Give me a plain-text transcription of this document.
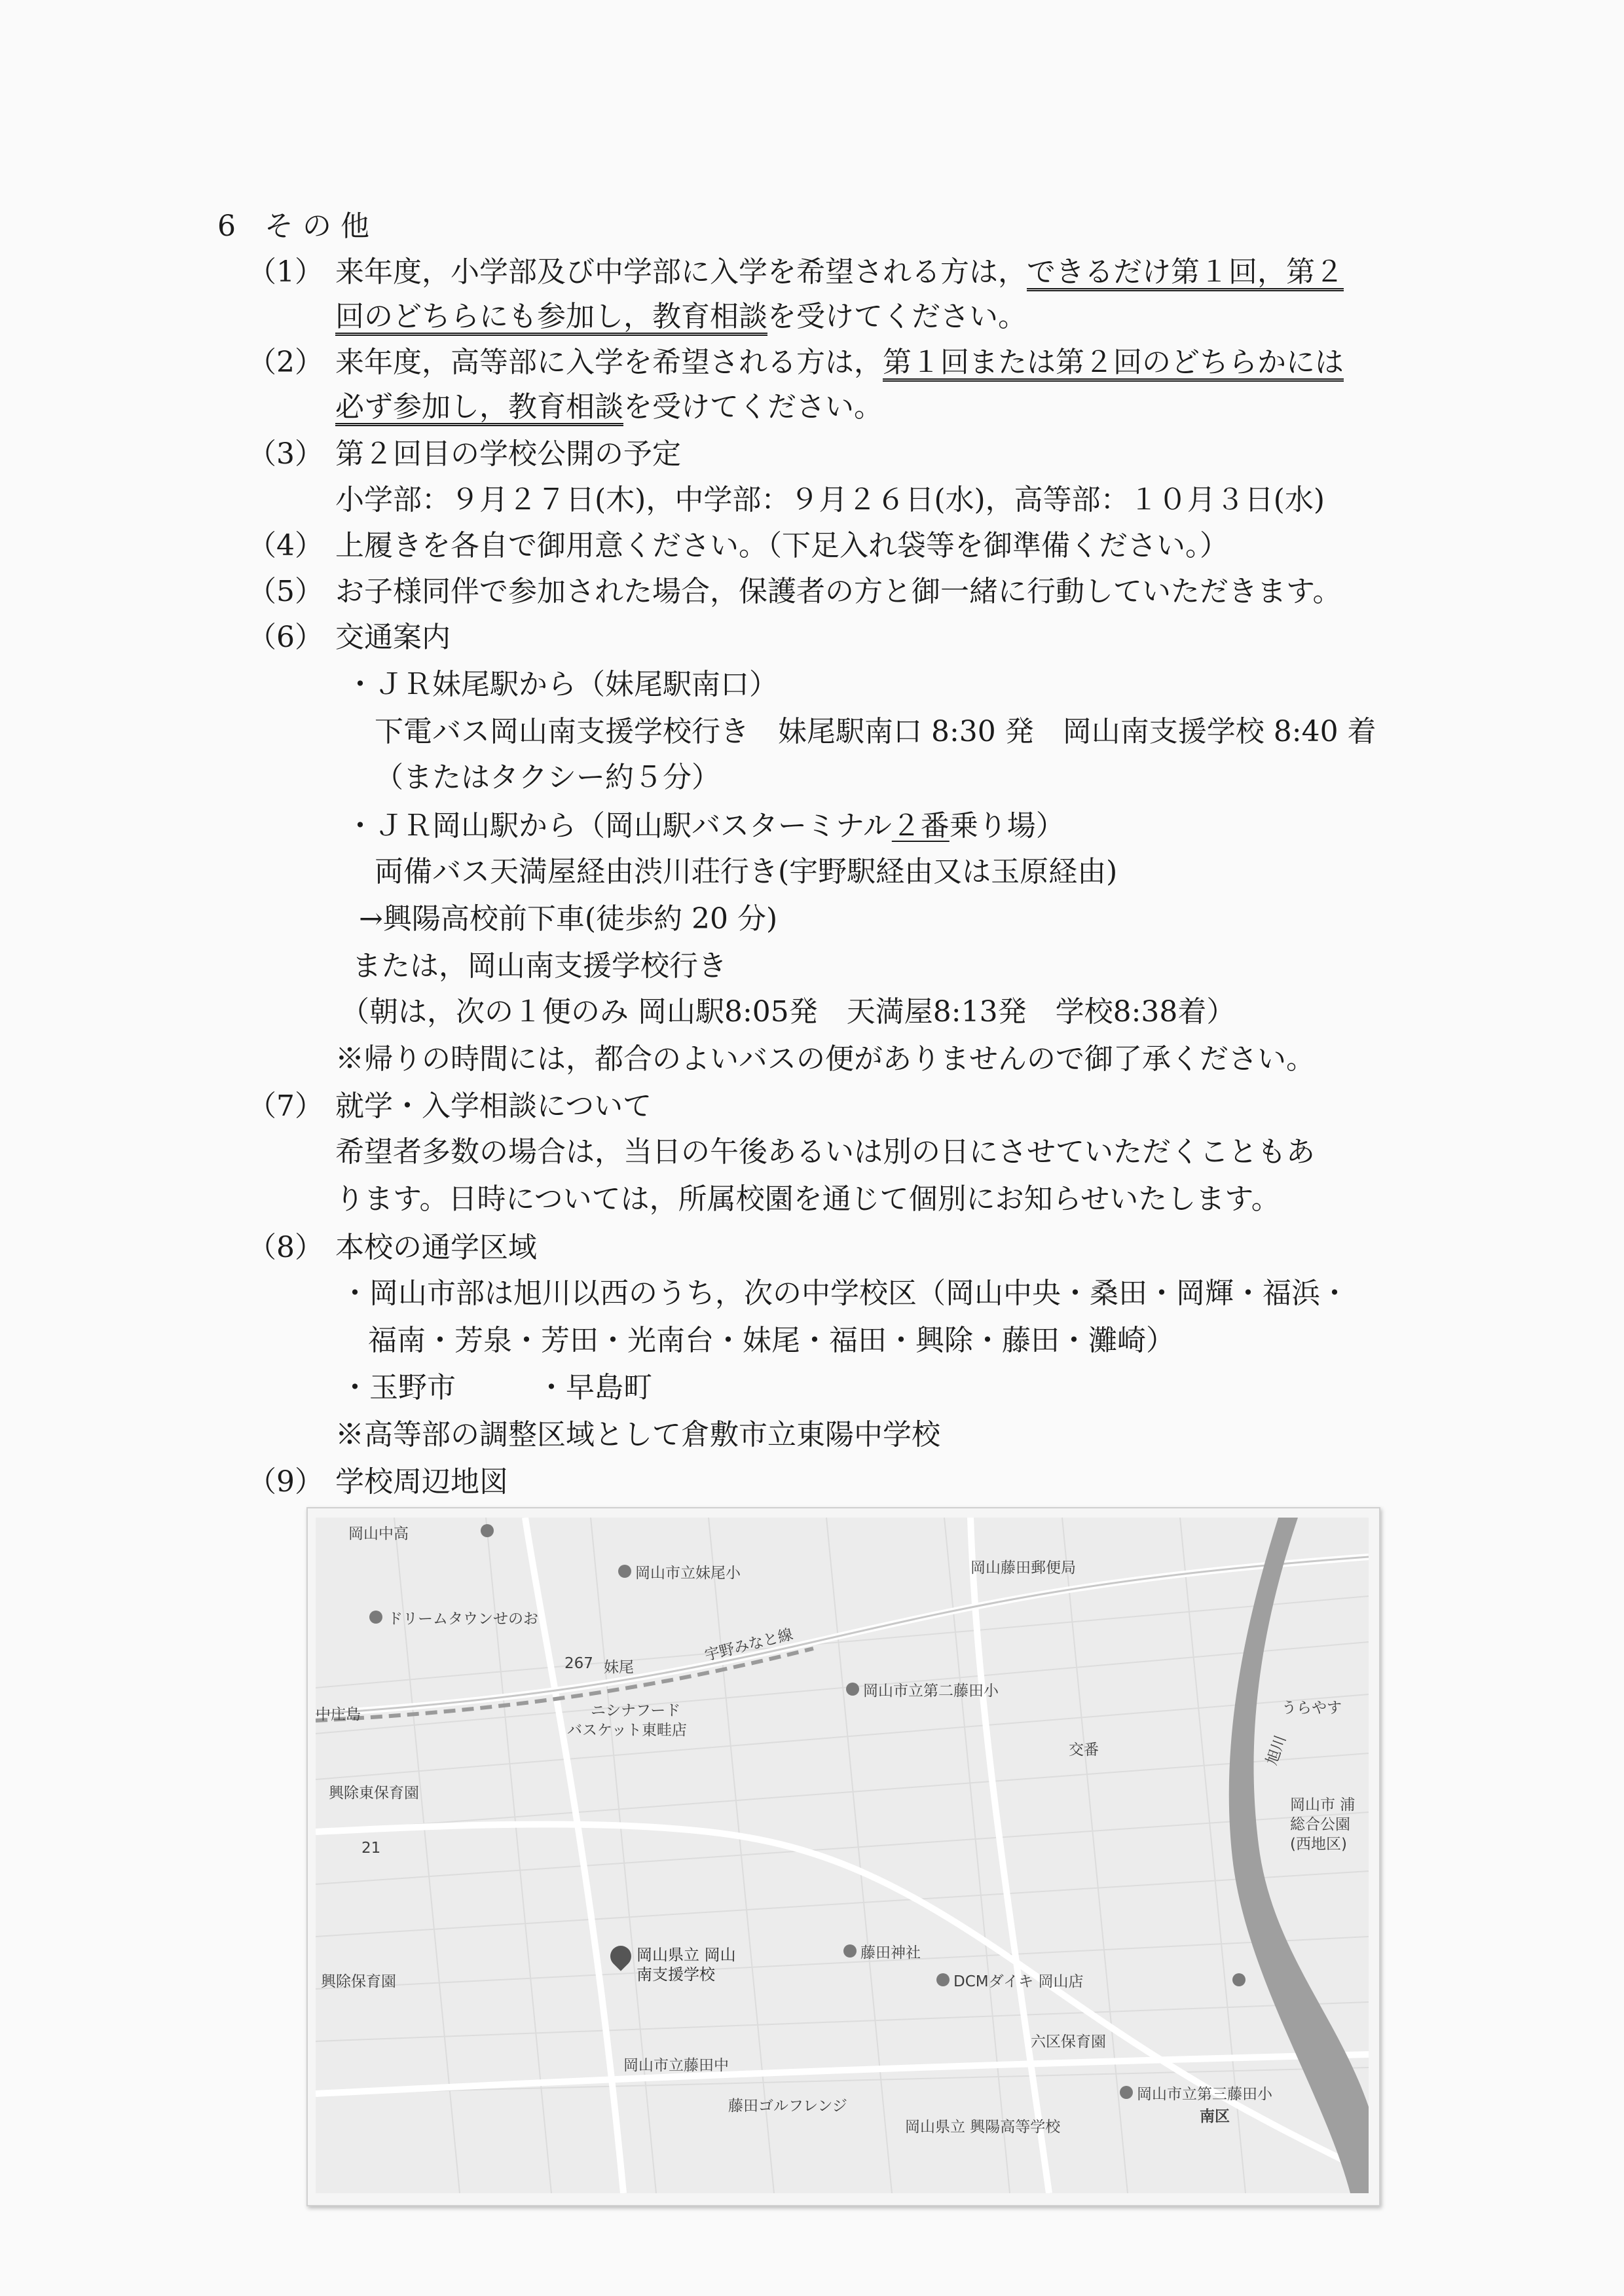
6　そ の 他
（1） 来年度，小学部及び中学部に入学を希望される方は，できるだけ第１回，第２
回のどちらにも参加し，教育相談を受けてください。
（2） 来年度，高等部に入学を希望される方は，第１回または第２回のどちらかには
必ず参加し，教育相談を受けてください。
（3） 第２回目の学校公開の予定
小学部：９月２７日(木)，中学部：９月２６日(水)，高等部：１０月３日(水)
（4） 上履きを各自で御用意ください。（下足入れ袋等を御準備ください。）
（5） お子様同伴で参加された場合，保護者の方と御一緒に行動していただきます。
（6） 交通案内
・ＪＲ妹尾駅から（妹尾駅南口）
下電バス岡山南支援学校行き　妹尾駅南口 8:30 発　岡山南支援学校 8:40 着
（またはタクシー約５分）
・ＪＲ岡山駅から（岡山駅バスターミナル２番乗り場）
両備バス天満屋経由渋川荘行き(宇野駅経由又は玉原経由)
→興陽高校前下車(徒歩約 20 分)
または，岡山南支援学校行き
（朝は，次の１便のみ 岡山駅8:05発　天満屋8:13発　学校8:38着）
※帰りの時間には，都合のよいバスの便がありませんので御了承ください。
（7） 就学・入学相談について
希望者多数の場合は，当日の午後あるいは別の日にさせていただくこともあ
ります。日時については，所属校園を通じて個別にお知らせいたします。
（8） 本校の通学区域
・岡山市部は旭川以西のうち，次の中学校区（岡山中央・桑田・岡輝・福浜・
福南・芳泉・芳田・光南台・妹尾・福田・興除・藤田・灘崎）
・玉野市	・早島町
※高等部の調整区域として倉敷市立東陽中学校
（9） 学校周辺地図
岡山中高
岡山市立妹尾小	岡山藤田郵便局
ドリームタウンせのお
妹尾
宇野みなと線
267
中庄島	ニシナフード
バスケット東畦店
岡山市立第二藤田小
交番
うらやす
旭川
興除東保育園
岡山市 浦
総合公園
(西地区)
21
岡山県立 岡山
南支援学校
藤田神社
興除保育園	DCMダイキ 岡山店
六区保育園
岡山市立藤田中
岡山市立第三藤田小
藤田ゴルフレンジ
岡山県立 興陽高等学校
南区
